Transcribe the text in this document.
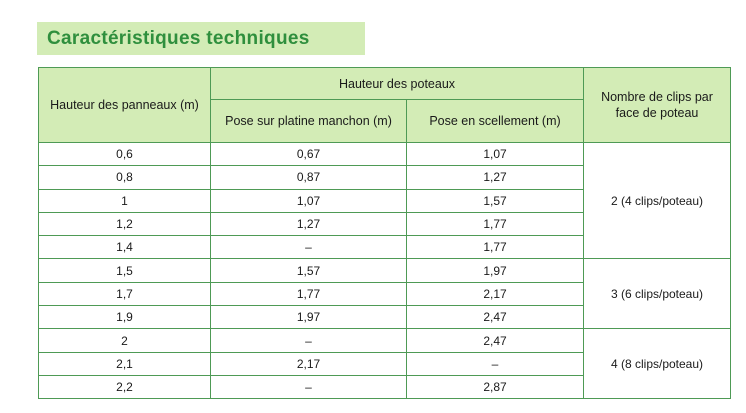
Caractéristiques techniques
Hauteur des panneaux (m)	Hauteur des poteaux		Nombre de clips par face de poteau
	Pose sur platine manchon (m)	Pose en scellement (m)	
0,6	0,67	1,07	2 (4 clips/poteau)
0,8	0,87	1,27	
1	1,07	1,57	
1,2	1,27	1,77	
1,4	–	1,77	
1,5	1,57	1,97	3 (6 clips/poteau)
1,7	1,77	2,17	
1,9	1,97	2,47	
2	–	2,47	4 (8 clips/poteau)
2,1	2,17	–	
2,2	–	2,87	
